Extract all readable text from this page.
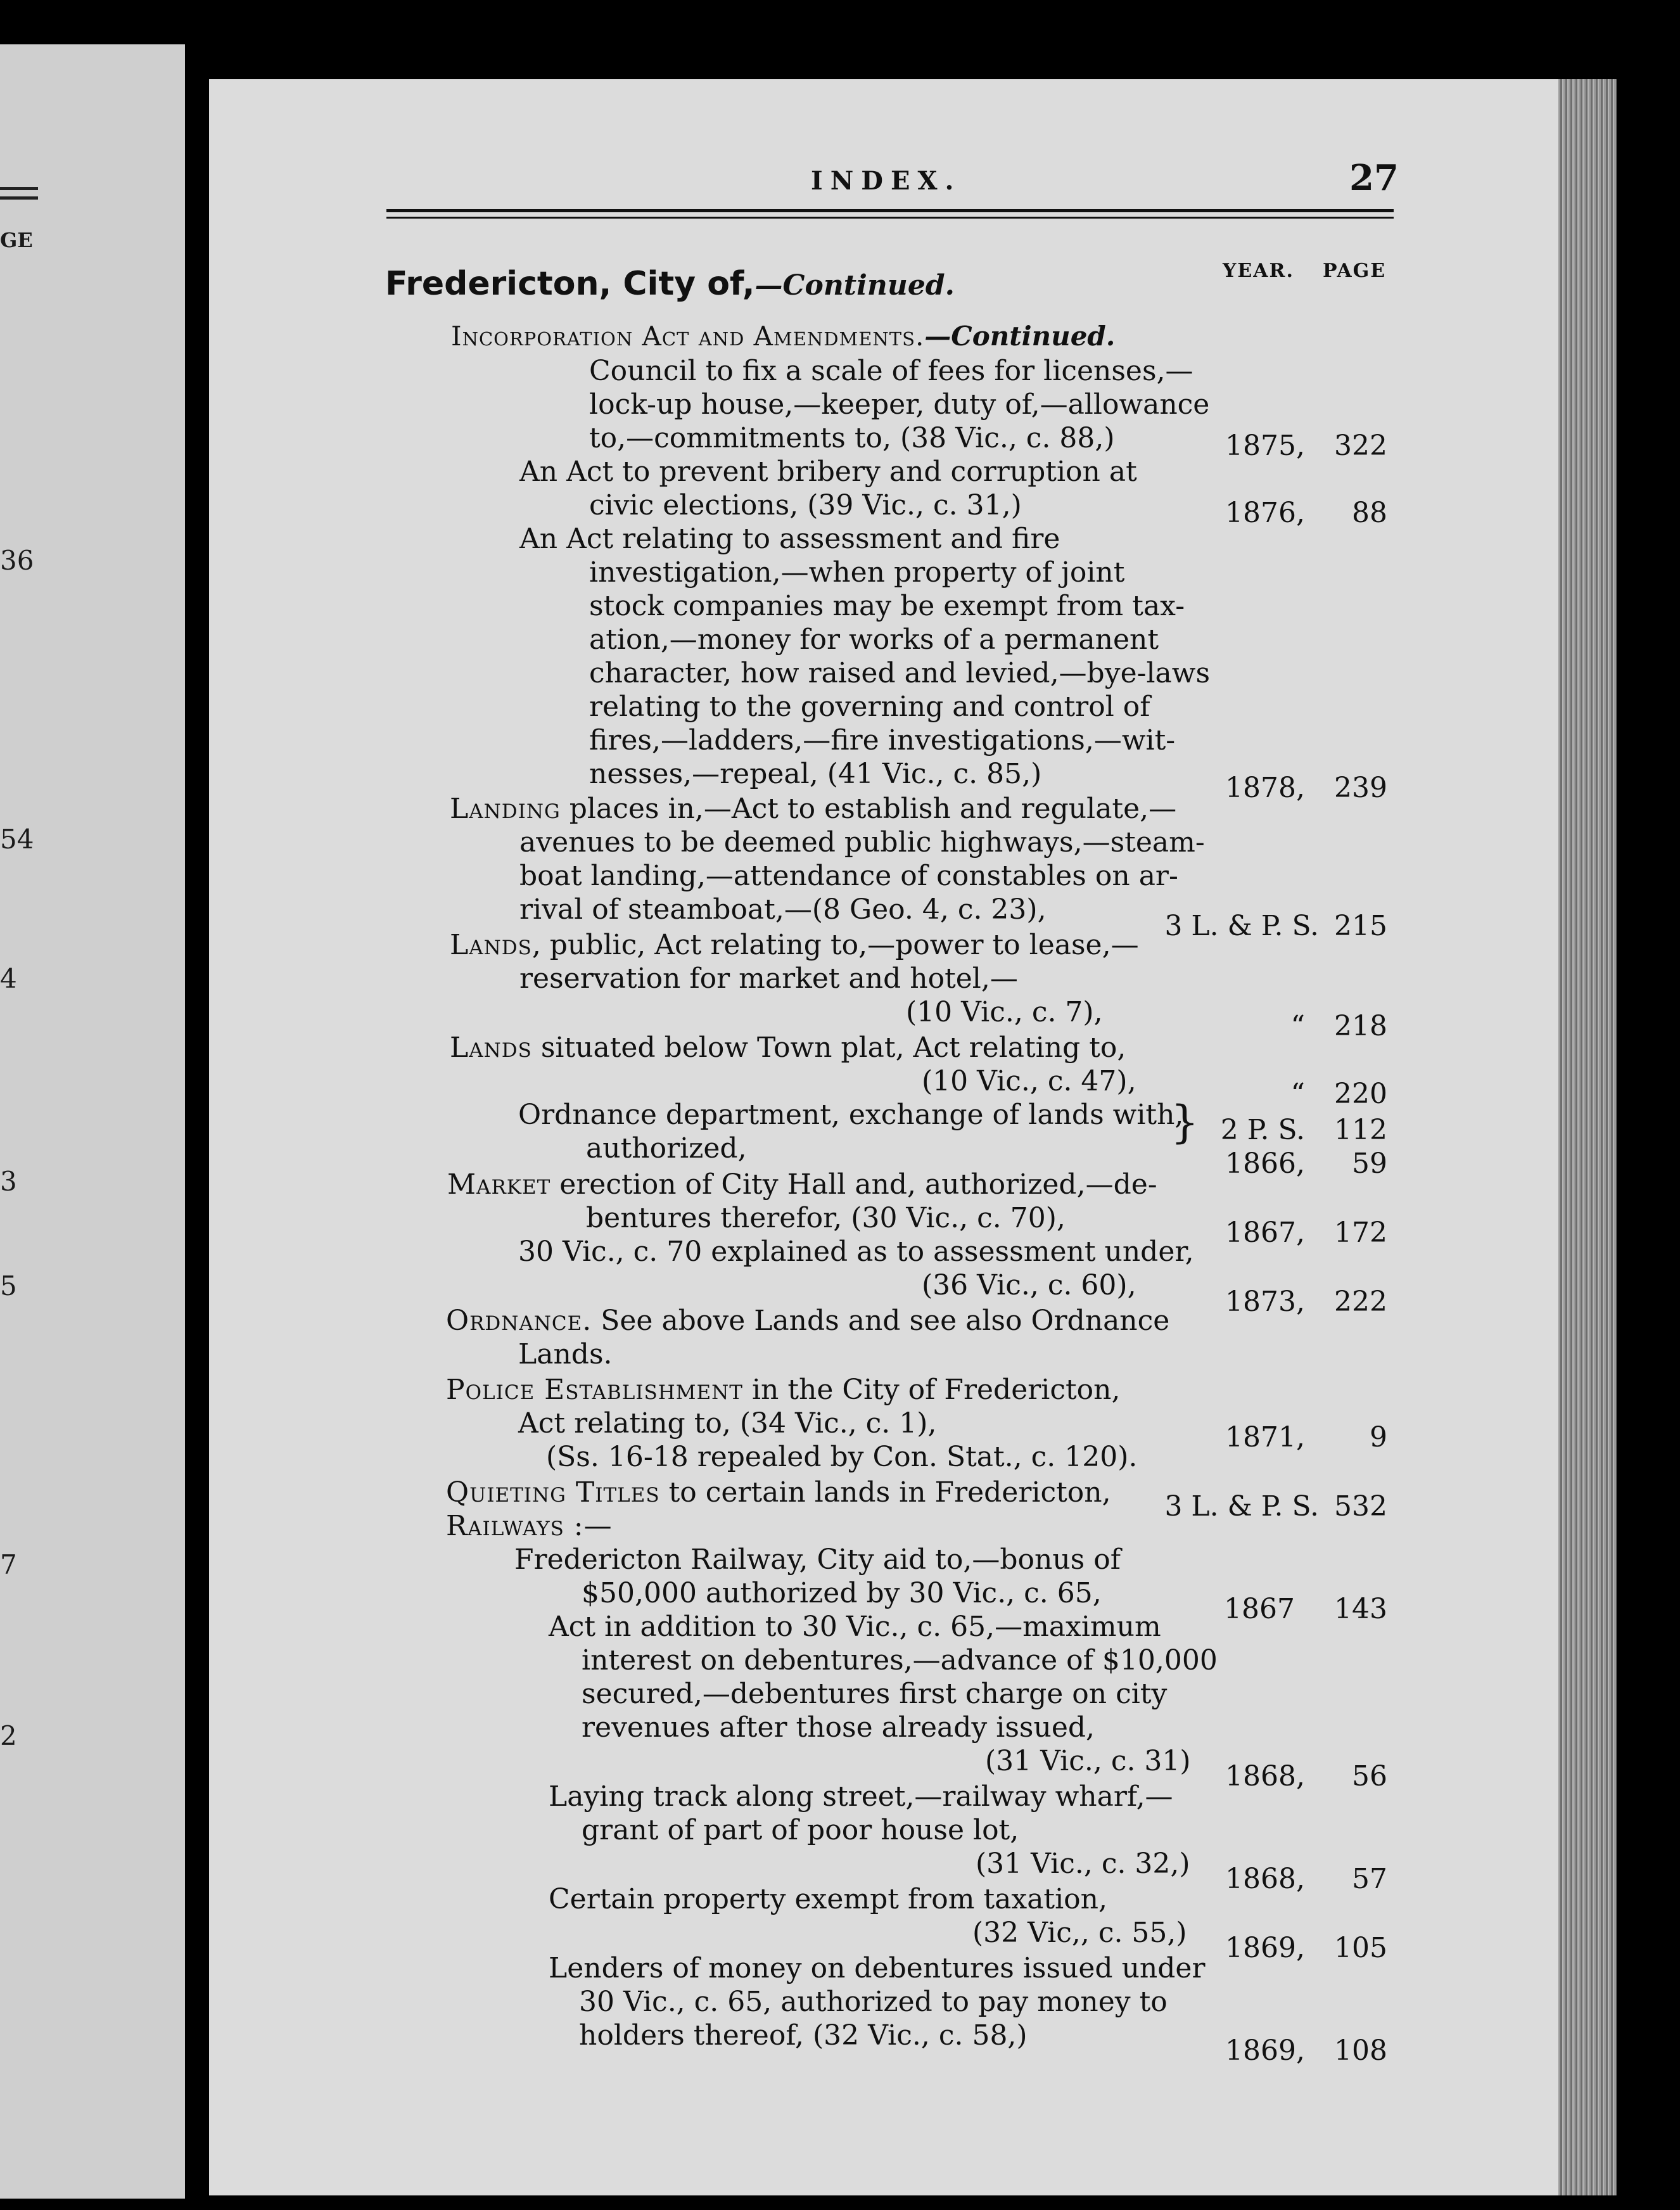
GE
36
54
4
3
5
7
2
INDEX.	27
YEAR. PAGE
Fredericton, City of,—Continued.
Incorporation Act and Amendments.—Continued.
Council to fix a scale of fees for licenses,—
lock-up house,—keeper, duty of,—allowance
to,—commitments to, (38 Vic., c. 88,)
An Act to prevent bribery and corruption at
civic elections, (39 Vic., c. 31,)
An Act relating to assessment and fire
investigation,—when property of joint
stock companies may be exempt from tax-
ation,—money for works of a permanent
character, how raised and levied,—bye-laws
relating to the governing and control of
fires,—ladders,—fire investigations,—wit-
nesses,—repeal, (41 Vic., c. 85,)
Landing places in,—Act to establish and regulate,—
avenues to be deemed public highways,—steam-
boat landing,—attendance of constables on ar-
rival of steamboat,—(8 Geo. 4, c. 23),
Lands, public, Act relating to,—power to lease,—
reservation for market and hotel,—
(10 Vic., c. 7),
Lands situated below Town plat, Act relating to,
(10 Vic., c. 47),
Ordnance department, exchange of lands with,
authorized,
}
Market erection of City Hall and, authorized,—de-
bentures therefor, (30 Vic., c. 70),
30 Vic., c. 70 explained as to assessment under,
(36 Vic., c. 60),
Ordnance. See above Lands and see also Ordnance
Lands.
Police Establishment in the City of Fredericton,
Act relating to, (34 Vic., c. 1),
(Ss. 16-18 repealed by Con. Stat., c. 120).
Quieting Titles to certain lands in Fredericton,
Railways :—
Fredericton Railway, City aid to,—bonus of
$50,000 authorized by 30 Vic., c. 65,
Act in addition to 30 Vic., c. 65,—maximum
interest on debentures,—advance of $10,000
secured,—debentures first charge on city
revenues after those already issued,
(31 Vic., c. 31)
Laying track along street,—railway wharf,—
grant of part of poor house lot,
(31 Vic., c. 32,)
Certain property exempt from taxation,
(32 Vic,, c. 55,)
Lenders of money on debentures issued under
30 Vic., c. 65, authorized to pay money to
holders thereof, (32 Vic., c. 58,)
1875, 322
1876, 88
1878, 239
3 L. & P. S. 215
“ 218
“ 220
2 P. S. 112
1866, 59
1867, 172
1873, 222
1871, 9
3 L. & P. S. 532
1867 143
1868, 56
1868, 57
1869, 105
1869, 108
